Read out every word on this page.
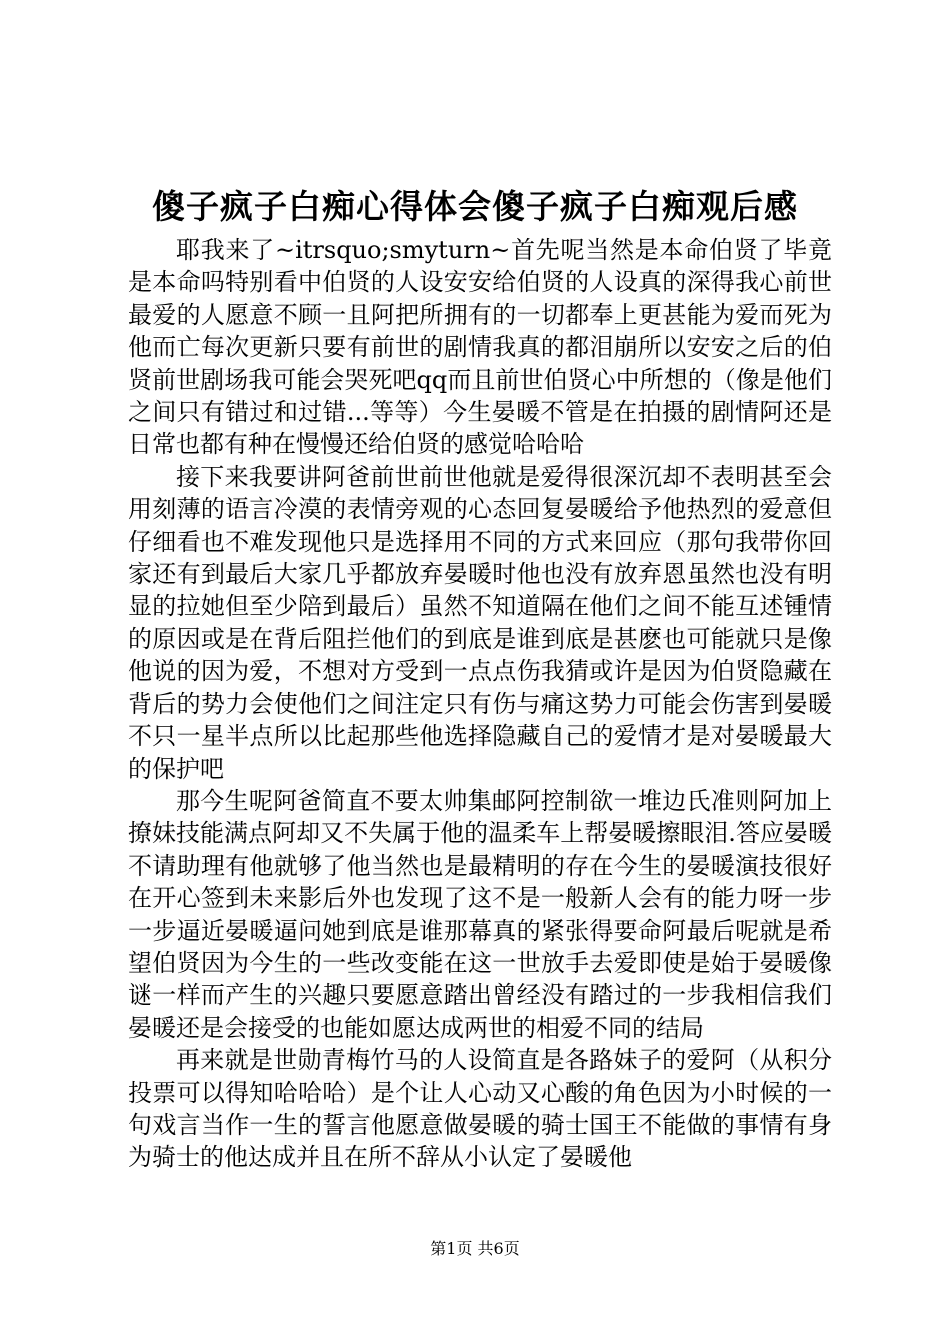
傻子疯子白痴心得体会傻子疯子白痴观后感

耶我来了~itrsquo;smyturn~首先呢当然是本命伯贤了毕竟是本命吗特别看中伯贤的人设安安给伯贤的人设真的深得我心前世最爱的人愿意不顾一且阿把所拥有的一切都奉上更甚能为爱而死为他而亡每次更新只要有前世的剧情我真的都泪崩所以安安之后的伯贤前世剧场我可能会哭死吧qq而且前世伯贤心中所想的（像是他们之间只有错过和过错...等等）今生晏暖不管是在拍摄的剧情阿还是日常也都有种在慢慢还给伯贤的感觉哈哈哈

接下来我要讲阿爸前世前世他就是爱得很深沉却不表明甚至会用刻薄的语言冷漠的表情旁观的心态回复晏暖给予他热烈的爱意但仔细看也不难发现他只是选择用不同的方式来回应（那句我带你回家还有到最后大家几乎都放弃晏暖时他也没有放弃恩虽然也没有明显的拉她但至少陪到最后）虽然不知道隔在他们之间不能互述锺情的原因或是在背后阻拦他们的到底是谁到底是甚麽也可能就只是像他说的因为爱，不想对方受到一点点伤我猜或许是因为伯贤隐藏在背后的势力会使他们之间注定只有伤与痛这势力可能会伤害到晏暖不只一星半点所以比起那些他选择隐藏自己的爱情才是对晏暖最大的保护吧

那今生呢阿爸简直不要太帅集邮阿控制欲一堆边氏准则阿加上撩妹技能满点阿却又不失属于他的温柔车上帮晏暖擦眼泪.答应晏暖不请助理有他就够了他当然也是最精明的存在今生的晏暖演技很好在开心签到未来影后外也发现了这不是一般新人会有的能力呀一步一步逼近晏暖逼问她到底是谁那幕真的紧张得要命阿最后呢就是希望伯贤因为今生的一些改变能在这一世放手去爱即使是始于晏暖像谜一样而产生的兴趣只要愿意踏出曾经没有踏过的一步我相信我们晏暖还是会接受的也能如愿达成两世的相爱不同的结局

再来就是世勋青梅竹马的人设简直是各路妹子的爱阿（从积分投票可以得知哈哈哈）是个让人心动又心酸的角色因为小时候的一句戏言当作一生的誓言他愿意做晏暖的骑士国王不能做的事情有身为骑士的他达成并且在所不辞从小认定了晏暖他

第1页 共6页
